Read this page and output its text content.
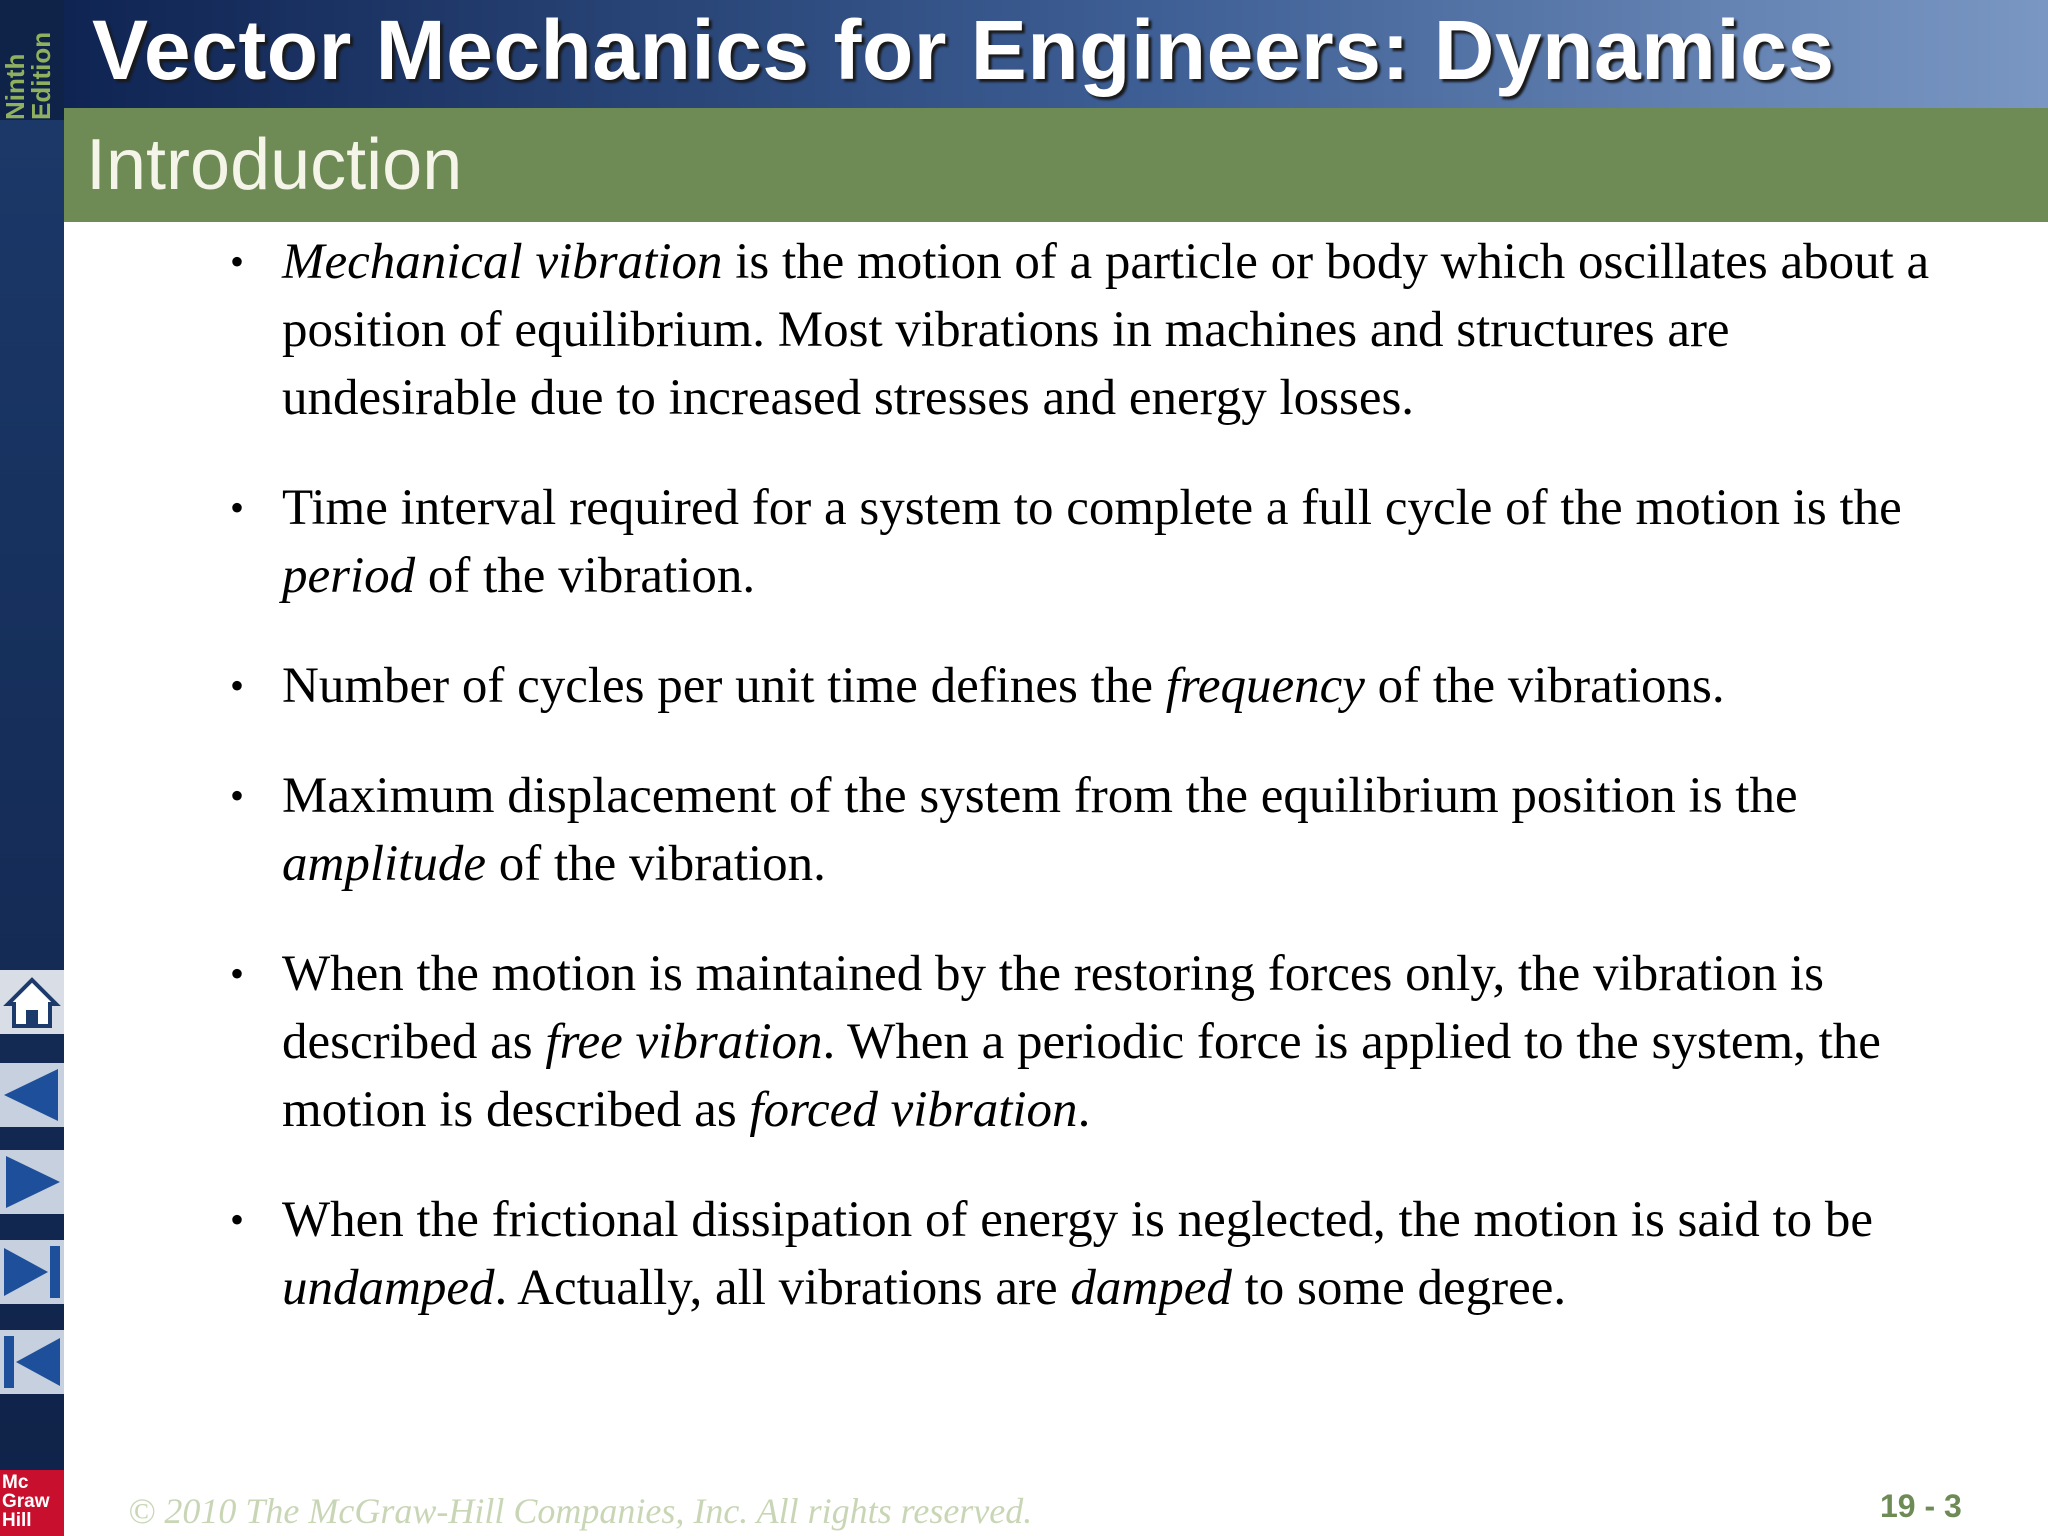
Ninth
Edition Vector Mechanics for Engineers: Dynamics
Introduction
• Mechanical vibration is the motion of a particle or body which oscillates about a position of equilibrium. Most vibrations in machines and structures are undesirable due to increased stresses and energy losses.
• Time interval required for a system to complete a full cycle of the motion is the period of the vibration.
• Number of cycles per unit time defines the frequency of the vibrations.
• Maximum displacement of the system from the equilibrium position is the amplitude of the vibration.
• When the motion is maintained by the restoring forces only, the vibration is described as free vibration. When a periodic force is applied to the system, the motion is described as forced vibration.
• When the frictional dissipation of energy is neglected, the motion is said to be undamped. Actually, all vibrations are damped to some degree.
Mc
Graw
Hill	© 2010 The McGraw-Hill Companies, Inc. All rights reserved.	19 - 3
